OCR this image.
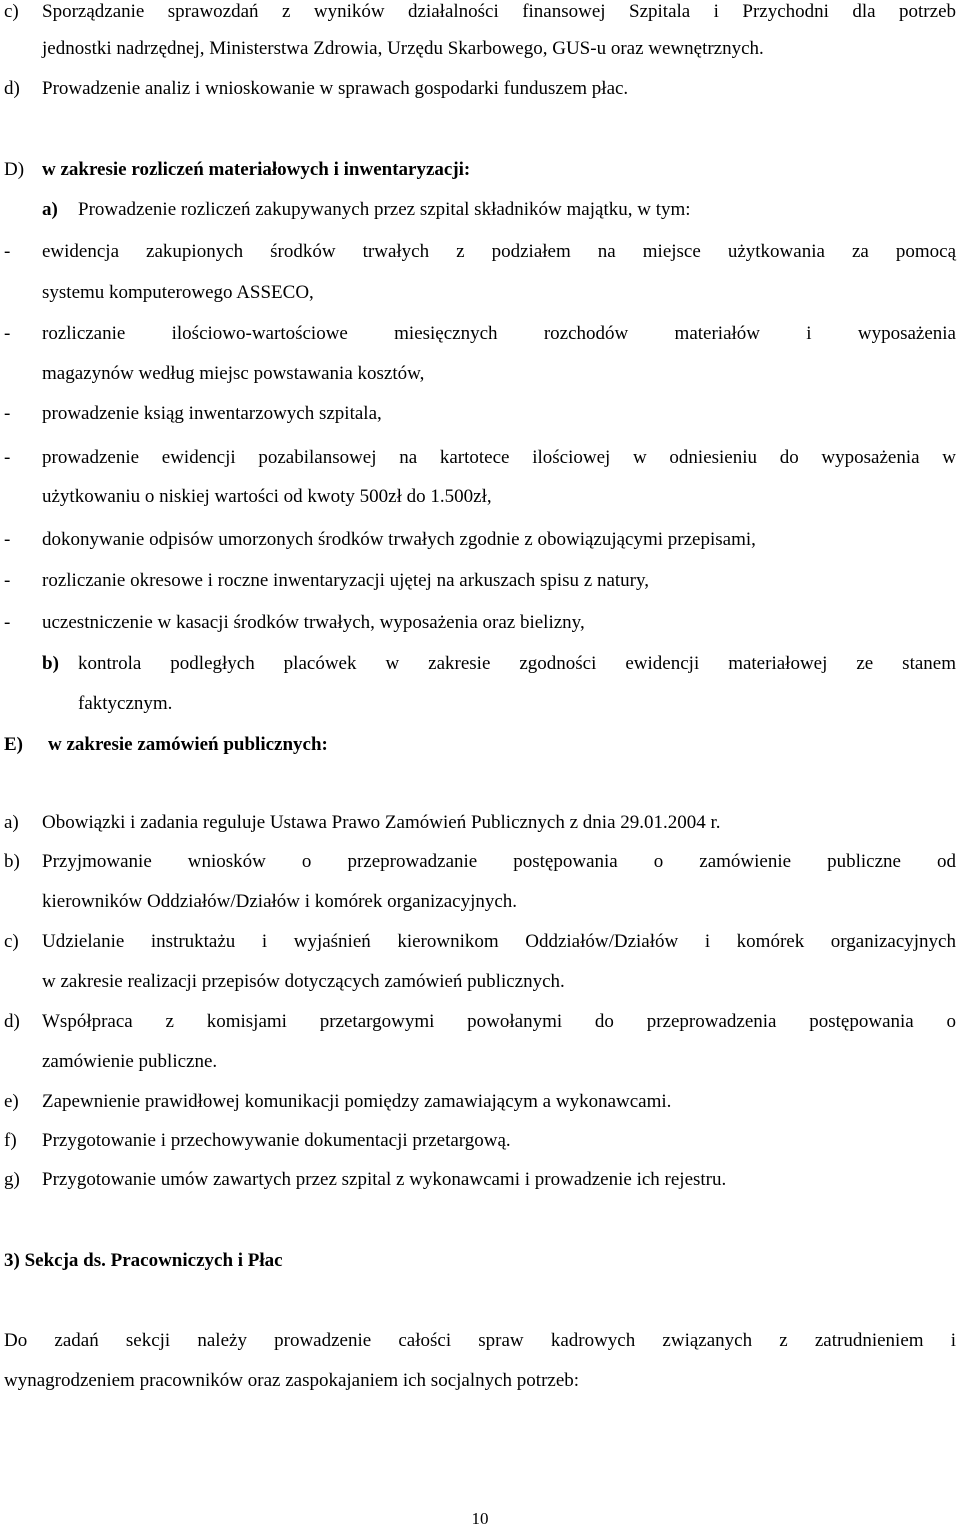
c) Sporządzanie sprawozdań z wyników działalności finansowej Szpitala i Przychodni dla potrzeb
jednostki nadrzędnej, Ministerstwa Zdrowia, Urzędu Skarbowego, GUS-u oraz wewnętrznych.
d) Prowadzenie analiz i wnioskowanie w sprawach gospodarki funduszem płac.
D) w zakresie rozliczeń materiałowych i inwentaryzacji:
a) Prowadzenie rozliczeń zakupywanych przez szpital składników majątku, w tym:
- ewidencja zakupionych środków trwałych z podziałem na miejsce użytkowania za pomocą
systemu komputerowego ASSECO,
- rozliczanie ilościowo-wartościowe miesięcznych rozchodów materiałów i wyposażenia
magazynów według miejsc powstawania kosztów,
- prowadzenie ksiąg inwentarzowych szpitala,
- prowadzenie ewidencji pozabilansowej na kartotece ilościowej w odniesieniu do wyposażenia w
użytkowaniu o niskiej wartości od kwoty 500zł do 1.500zł,
- dokonywanie odpisów umorzonych środków trwałych zgodnie z obowiązującymi przepisami,
- rozliczanie okresowe i roczne inwentaryzacji ujętej na arkuszach spisu z natury,
- uczestniczenie w kasacji środków trwałych, wyposażenia oraz bielizny,
b) kontrola podległych placówek w zakresie zgodności ewidencji materiałowej ze stanem
faktycznym.
E) w zakresie zamówień publicznych:
a) Obowiązki i zadania reguluje Ustawa Prawo Zamówień Publicznych z dnia 29.01.2004 r.
b) Przyjmowanie wniosków o przeprowadzanie postępowania o zamówienie publiczne od
kierowników Oddziałów/Działów i komórek organizacyjnych.
c) Udzielanie instruktażu i wyjaśnień kierownikom Oddziałów/Działów i komórek organizacyjnych
w zakresie realizacji przepisów dotyczących zamówień publicznych.
d) Współpraca z komisjami przetargowymi powołanymi do przeprowadzenia postępowania o
zamówienie publiczne.
e) Zapewnienie prawidłowej komunikacji pomiędzy zamawiającym a wykonawcami.
f) Przygotowanie i przechowywanie dokumentacji przetargową.
g) Przygotowanie umów zawartych przez szpital z wykonawcami i prowadzenie ich rejestru.
3) Sekcja ds. Pracowniczych i Płac
Do zadań sekcji należy prowadzenie całości spraw kadrowych związanych z zatrudnieniem i
wynagrodzeniem pracowników oraz zaspokajaniem ich socjalnych potrzeb:
10
